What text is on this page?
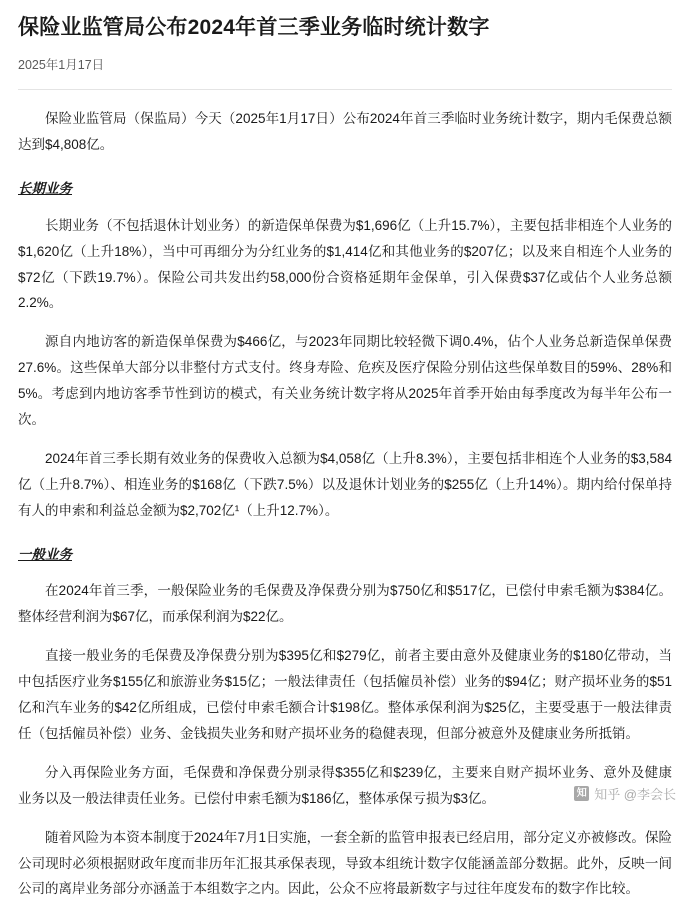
保险业监管局公布2024年首三季业务临时统计数字
2025年1月17日

保险业监管局（保监局）今天（2025年1月17日）公布2024年首三季临时业务统计数字，期内毛保费总额达到$4,808亿。

长期业务

长期业务（不包括退休计划业务）的新造保单保费为$1,696亿（上升15.7%），主要包括非相连个人业务的$1,620亿（上升18%），当中可再细分为分红业务的$1,414亿和其他业务的$207亿；以及来自相连个人业务的$72亿（下跌19.7%）。保险公司共发出约58,000份合资格延期年金保单，引入保费$37亿或佔个人业务总额2.2%。

源自内地访客的新造保单保费为$466亿，与2023年同期比较轻微下调0.4%，佔个人业务总新造保单保费27.6%。这些保单大部分以非整付方式支付。终身寿险、危疾及医疗保险分别佔这些保单数目的59%、28%和5%。考虑到内地访客季节性到访的模式，有关业务统计数字将从2025年首季开始由每季度改为每半年公布一次。

2024年首三季长期有效业务的保费收入总额为$4,058亿（上升8.3%），主要包括非相连个人业务的$3,584亿（上升8.7%）、相连业务的$168亿（下跌7.5%）以及退休计划业务的$255亿（上升14%）。期内给付保单持有人的申索和利益总金额为$2,702亿¹（上升12.7%）。

一般业务

在2024年首三季，一般保险业务的毛保费及净保费分别为$750亿和$517亿，已偿付申索毛额为$384亿。整体经营利润为$67亿，而承保利润为$22亿。

直接一般业务的毛保费及净保费分别为$395亿和$279亿，前者主要由意外及健康业务的$180亿带动，当中包括医疗业务$155亿和旅游业务$15亿；一般法律责任（包括僱员补偿）业务的$94亿；财产损坏业务的$51亿和汽车业务的$42亿所组成，已偿付申索毛额合计$198亿。整体承保利润为$25亿，主要受惠于一般法律责任（包括僱员补偿）业务、金钱损失业务和财产损坏业务的稳健表现，但部分被意外及健康业务所抵销。

分入再保险业务方面，毛保费和净保费分别录得$355亿和$239亿，主要来自财产损坏业务、意外及健康业务以及一般法律责任业务。已偿付申索毛额为$186亿，整体承保亏损为$3亿。

随着风险为本资本制度于2024年7月1日实施，一套全新的监管申报表已经启用，部分定义亦被修改。保险公司现时必须根据财政年度而非历年汇报其承保表现，导致本组统计数字仅能涵盖部分数据。此外，反映一间公司的离岸业务部分亦涵盖于本组数字之内。因此，公众不应将最新数字与过往年度发布的数字作比较。

知 知乎 @李会长
